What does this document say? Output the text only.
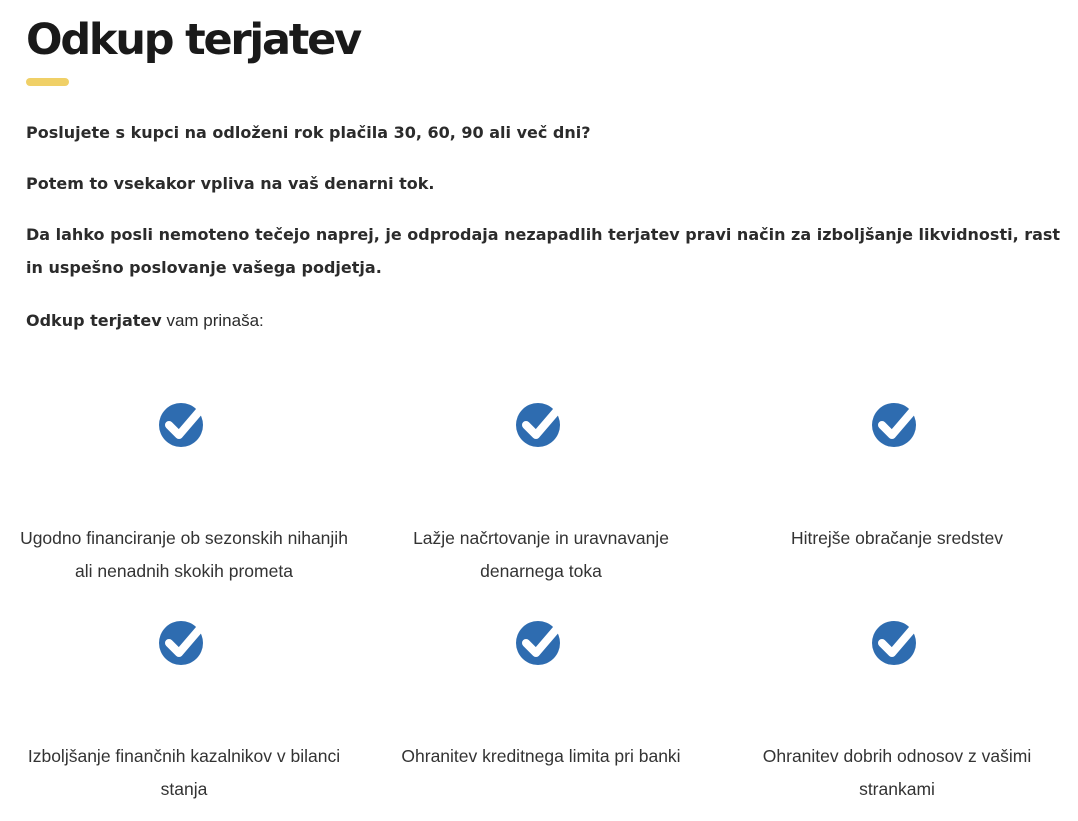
Odkup terjatev

Poslujete s kupci na odloženi rok plačila 30, 60, 90 ali več dni?

Potem to vsekakor vpliva na vaš denarni tok.

Da lahko posli nemoteno tečejo naprej, je odprodaja nezapadlih terjatev pravi način za izboljšanje likvidnosti, rast in uspešno poslovanje vašega podjetja.

Odkup terjatev vam prinaša:

Ugodno financiranje ob sezonskih nihanjih ali nenadnih skokih prometa
Lažje načrtovanje in uravnavanje denarnega toka
Hitrejše obračanje sredstev
Izboljšanje finančnih kazalnikov v bilanci stanja
Ohranitev kreditnega limita pri banki	Ohranitev dobrih odnosov z vašimi strankami
